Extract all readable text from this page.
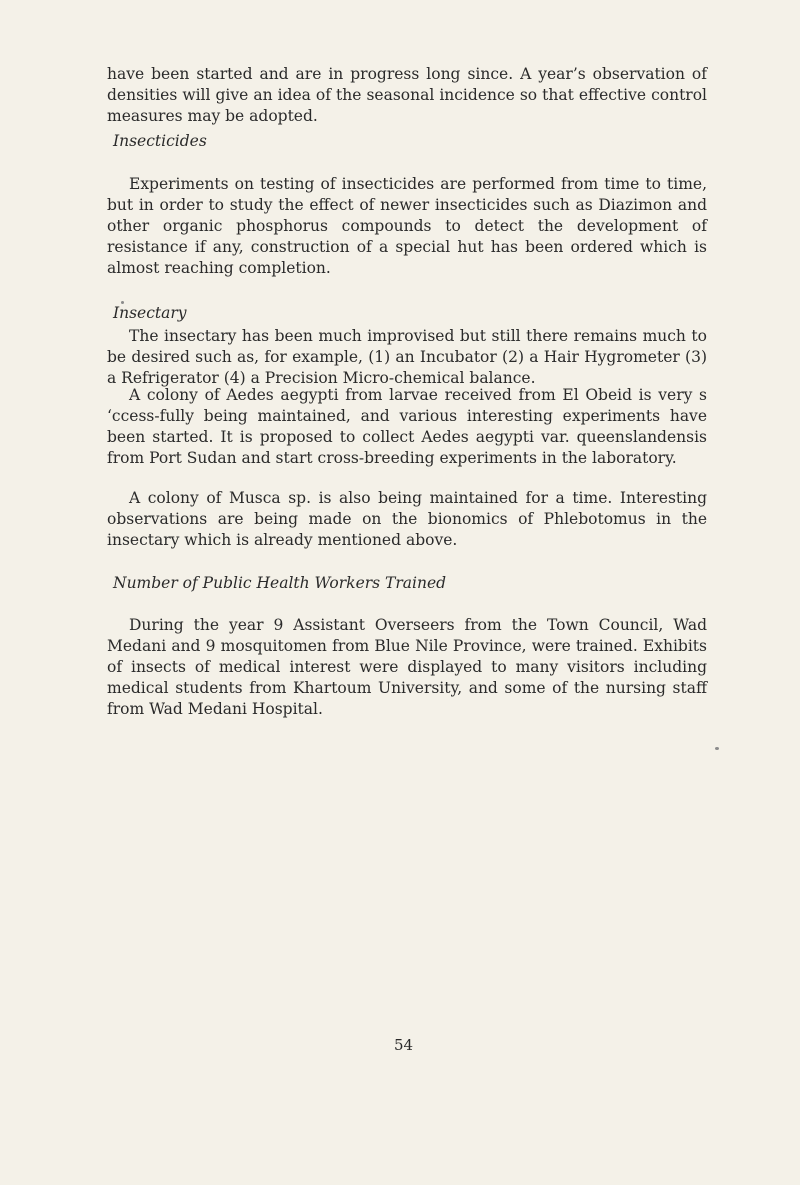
have been started and are in progress long since. A year’s observation of densities will give an idea of the seasonal incidence so that effective control measures may be adopted.

Insecticides

Experiments on testing of insecticides are performed from time to time, but in order to study the effect of newer insecticides such as Diazimon and other organic phosphorus compounds to detect the development of resistance if any, construction of a special hut has been ordered which is almost reaching completion.

Insectary

The insectary has been much improvised but still there remains much to be desired such as, for example, (1) an Incubator (2) a Hair Hygrometer (3) a Refrigerator (4) a Precision Micro-chemical balance.

A colony of Aedes aegypti from larvae received from El Obeid is very s ‘ccess-fully being maintained, and various interesting experiments have been started. It is proposed to collect Aedes aegypti var. queenslandensis from Port Sudan and start cross-breeding experiments in the laboratory.

A colony of Musca sp. is also being maintained for a time. Interesting observations are being made on the bionomics of Phlebotomus in the insectary which is already mentioned above.

Number of Public Health Workers Trained

During the year 9 Assistant Overseers from the Town Council, Wad Medani and 9 mosquitomen from Blue Nile Province, were trained. Exhibits of insects of medical interest were displayed to many visitors including medical students from Khartoum University, and some of the nursing staff from Wad Medani Hospital.

54
